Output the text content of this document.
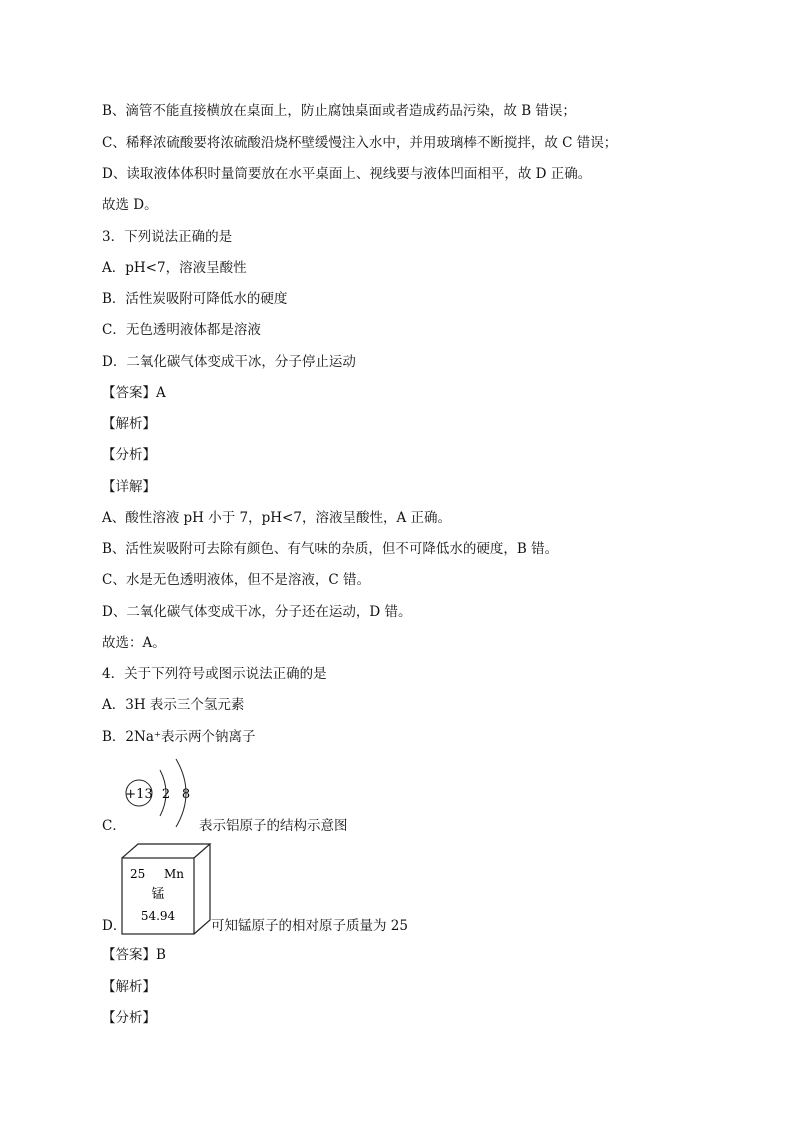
B、滴管不能直接横放在桌面上，防止腐蚀桌面或者造成药品污染，故 B 错误；
C、稀释浓硫酸要将浓硫酸沿烧杯壁缓慢注入水中，并用玻璃棒不断搅拌，故 C 错误；
D、读取液体体积时量筒要放在水平桌面上、视线要与液体凹面相平，故 D 正确。
故选 D。
3．下列说法正确的是
A．pH<7，溶液呈酸性
B．活性炭吸附可降低水的硬度
C．无色透明液体都是溶液
D．二氧化碳气体变成干冰，分子停止运动
【答案】A
【解析】
【分析】
【详解】
A、酸性溶液 pH 小于 7，pH<7，溶液呈酸性，A 正确。
B、活性炭吸附可去除有颜色、有气味的杂质，但不可降低水的硬度，B 错。
C、水是无色透明液体，但不是溶液，C 错。
D、二氧化碳气体变成干冰，分子还在运动，D 错。
故选：A。
4．关于下列符号或图示说法正确的是
A．3H 表示三个氢元素
B．2Na⁺表示两个钠离子
C．
+13 2 8
表示铝原子的结构示意图
D．
25 Mn
锰
54.94
可知锰原子的相对原子质量为 25
【答案】B
【解析】
【分析】
